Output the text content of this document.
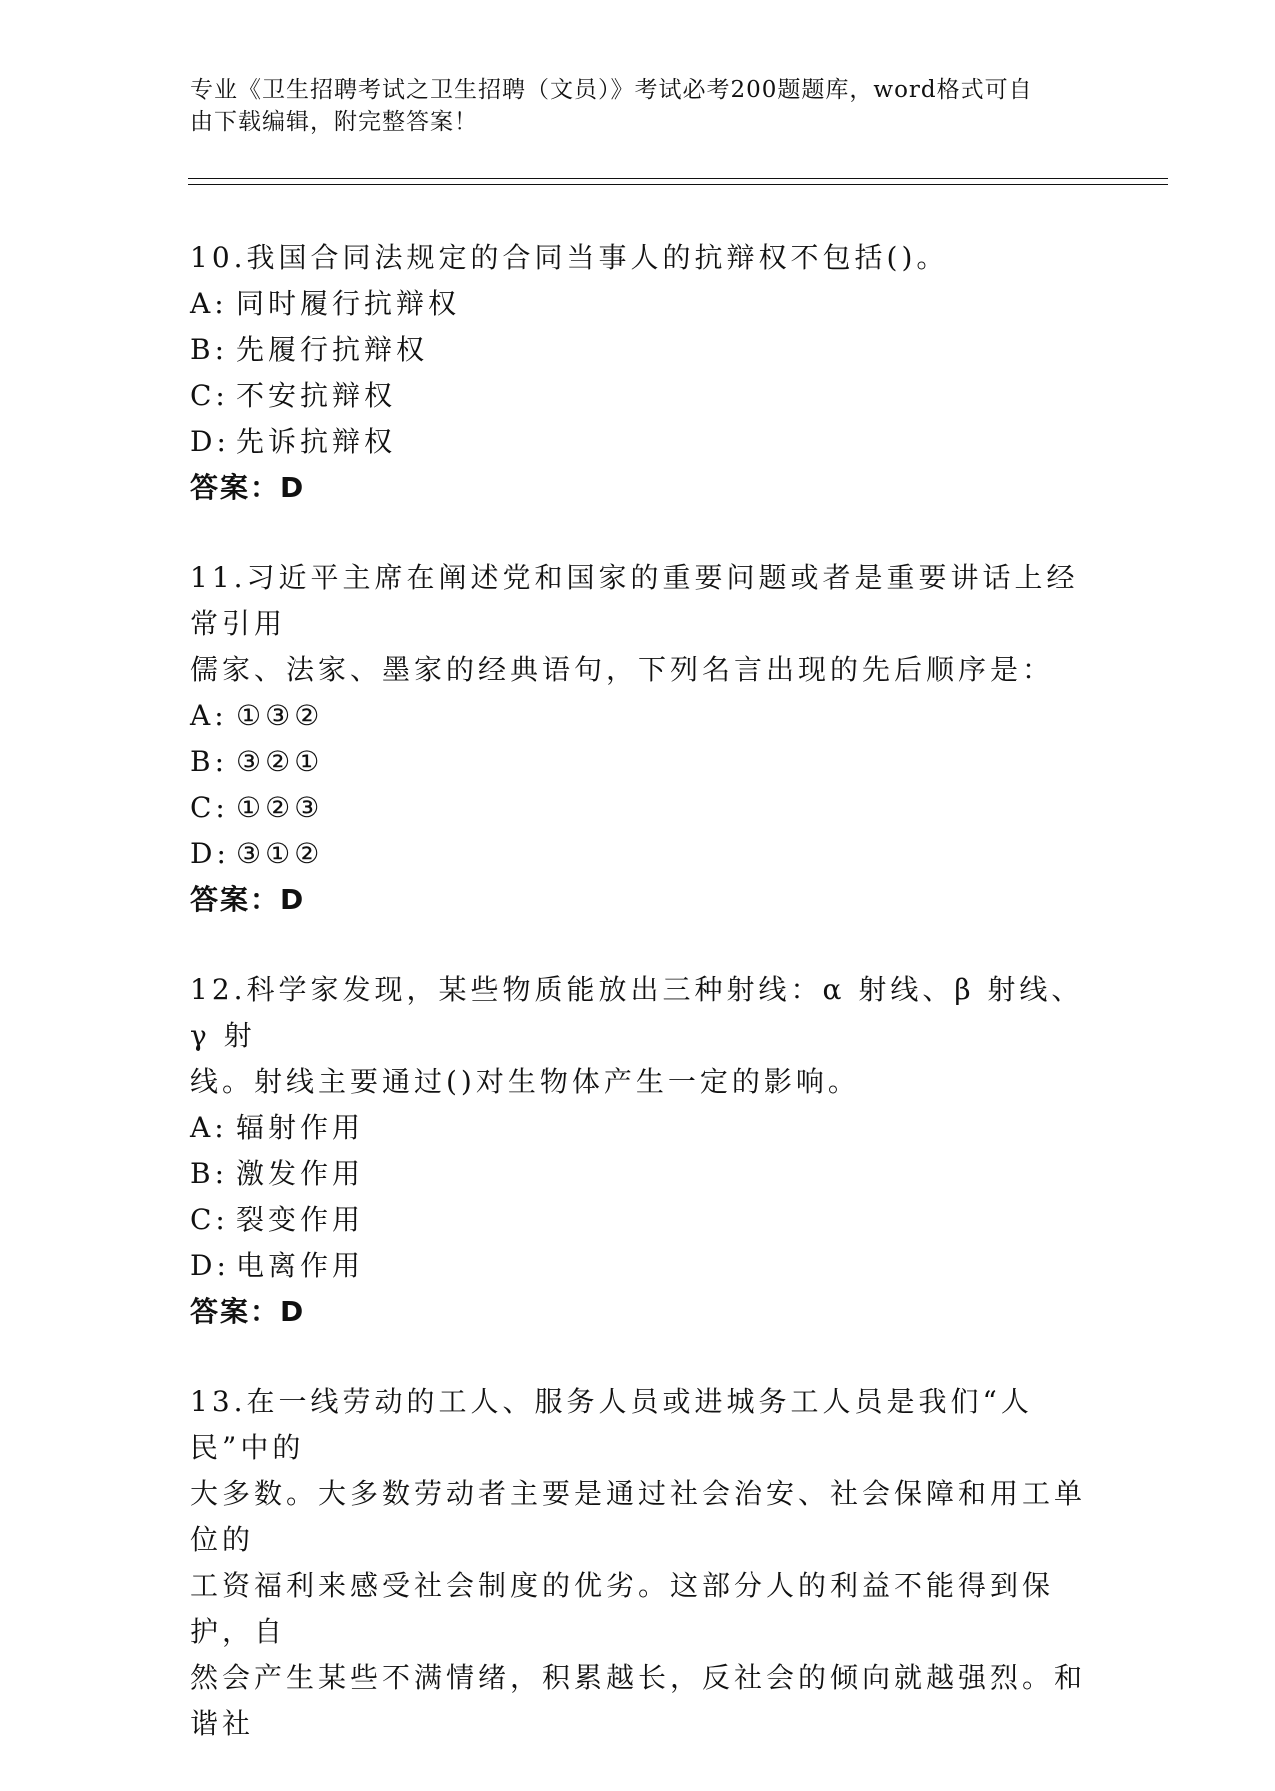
专业《卫生招聘考试之卫生招聘（文员）》考试必考200题题库，word格式可自
由下载编辑，附完整答案！
10.我国合同法规定的合同当事人的抗辩权不包括()。
A: 同时履行抗辩权
B: 先履行抗辩权
C: 不安抗辩权
D: 先诉抗辩权
答案：D
11.习近平主席在阐述党和国家的重要问题或者是重要讲话上经常引用
儒家、法家、墨家的经典语句，下列名言出现的先后顺序是：
A: ①③②
B: ③②①
C: ①②③
D: ③①②
答案：D
12.科学家发现，某些物质能放出三种射线：α 射线、β 射线、γ 射
线。射线主要通过()对生物体产生一定的影响。
A: 辐射作用
B: 激发作用
C: 裂变作用
D: 电离作用
答案：D
13.在一线劳动的工人、服务人员或进城务工人员是我们“人民”中的
大多数。大多数劳动者主要是通过社会治安、社会保障和用工单位的
工资福利来感受社会制度的优劣。这部分人的利益不能得到保护，自
然会产生某些不满情绪，积累越长，反社会的倾向就越强烈。和谐社
